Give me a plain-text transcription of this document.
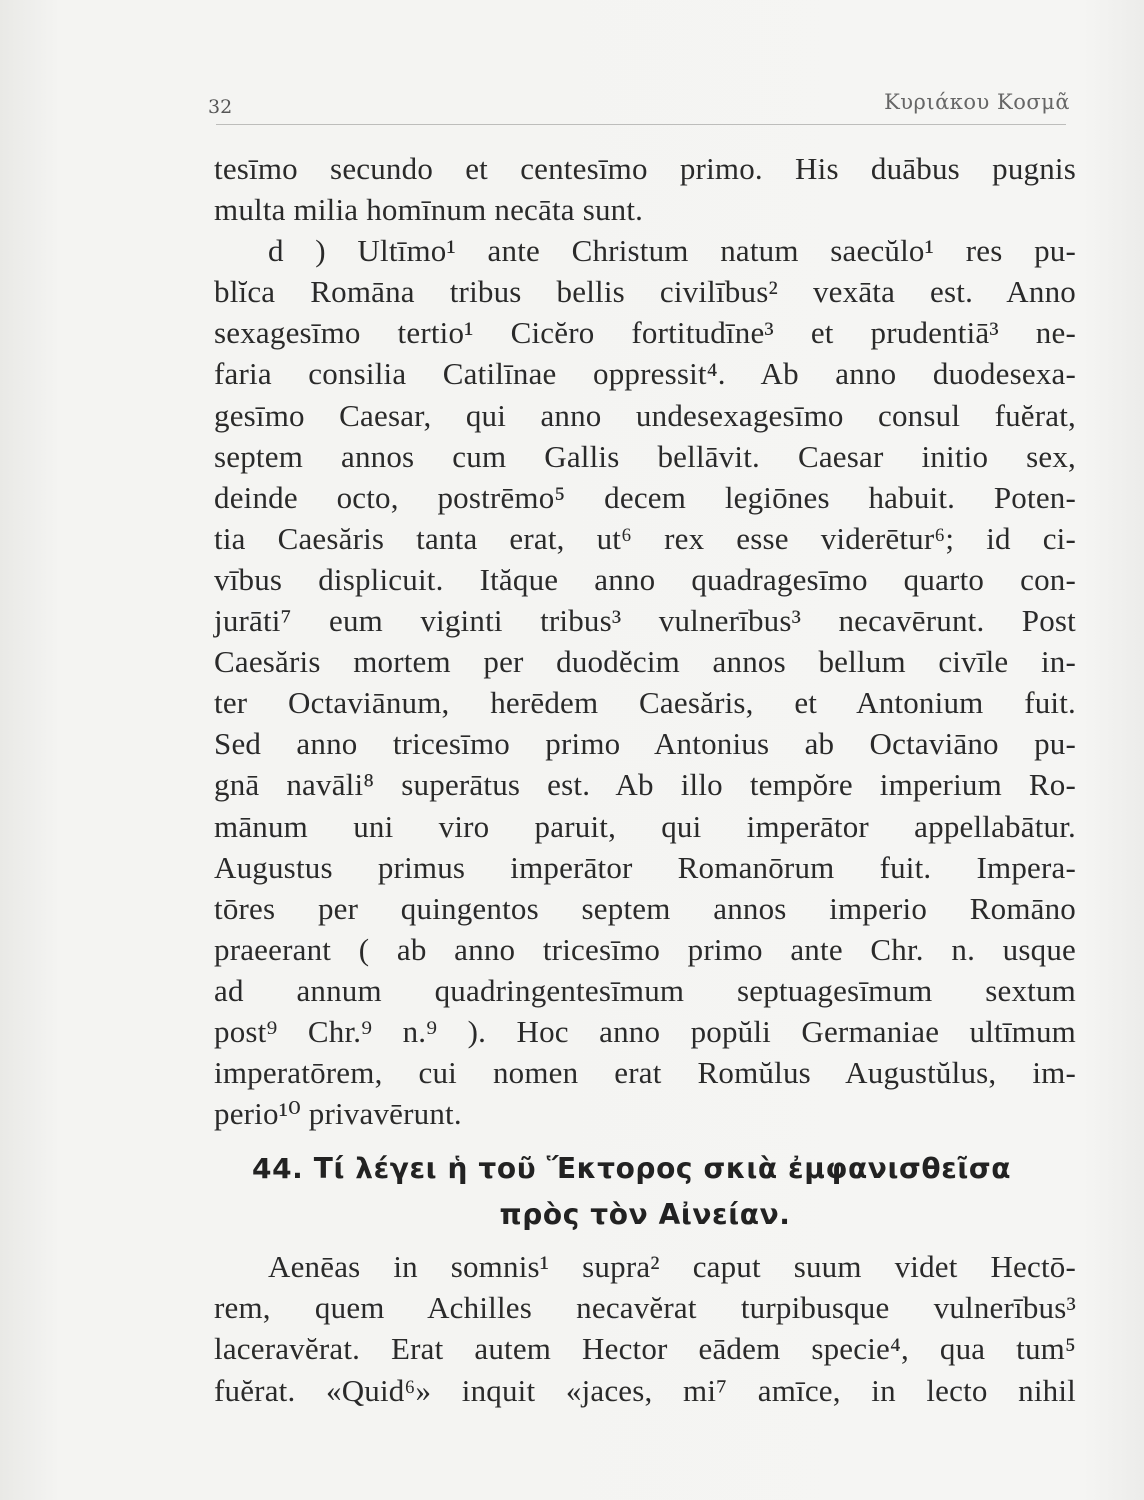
32	Κυριάκου Κοσμᾶ
tesīmo secundo et centesīmo primo. His duābus pugnis
multa milia homīnum necāta sunt.
d ) Ultīmo¹ ante Christum natum saecŭlo¹ res pu-
blĭca Romāna tribus bellis civilībus² vexāta est. Anno
sexagesīmo tertio¹ Cicĕro fortitudīne³ et prudentiā³ ne-
faria consilia Catilīnae oppressit⁴. Ab anno duodesexa-
gesīmo Caesar, qui anno undesexagesīmo consul fuĕrat,
septem annos cum Gallis bellāvit. Caesar initio sex,
deinde octo, postrēmo⁵ decem legiōnes habuit. Poten-
tia Caesăris tanta erat, ut⁶ rex esse viderētur⁶; id ci-
vībus displicuit. Ităque anno quadragesīmo quarto con-
jurāti⁷ eum viginti tribus³ vulnerībus³ necavērunt. Post
Caesăris mortem per duodĕcim annos bellum civīle in-
ter Octaviānum, herēdem Caesăris, et Antonium fuit.
Sed anno tricesīmo primo Antonius ab Octaviāno pu-
gnā navāli⁸ superātus est. Ab illo tempŏre imperium Ro-
mānum uni viro paruit, qui imperātor appellabātur.
Augustus primus imperātor Romanōrum fuit. Impera-
tōres per quingentos septem annos imperio Romāno
praeerant ( ab anno tricesīmo primo ante Chr. n. usque
ad annum quadringentesīmum septuagesīmum sextum
post⁹ Chr.⁹ n.⁹ ). Hoc anno popŭli Germaniae ultīmum
imperatōrem, cui nomen erat Romŭlus Augustŭlus, im-
perio¹⁰ privavērunt.
44. Τί λέγει ἡ τοῦ Ἕκτορος σκιὰ ἐμφανισθεῖσα
πρὸς τὸν Αἰνείαν.
Aenēas in somnis¹ supra² caput suum videt Hectō-
rem, quem Achilles necavĕrat turpibusque vulnerībus³
laceravĕrat. Erat autem Hector eādem specie⁴, qua tum⁵
fuĕrat. «Quid⁶» inquit «jaces, mi⁷ amīce, in lecto nihil
